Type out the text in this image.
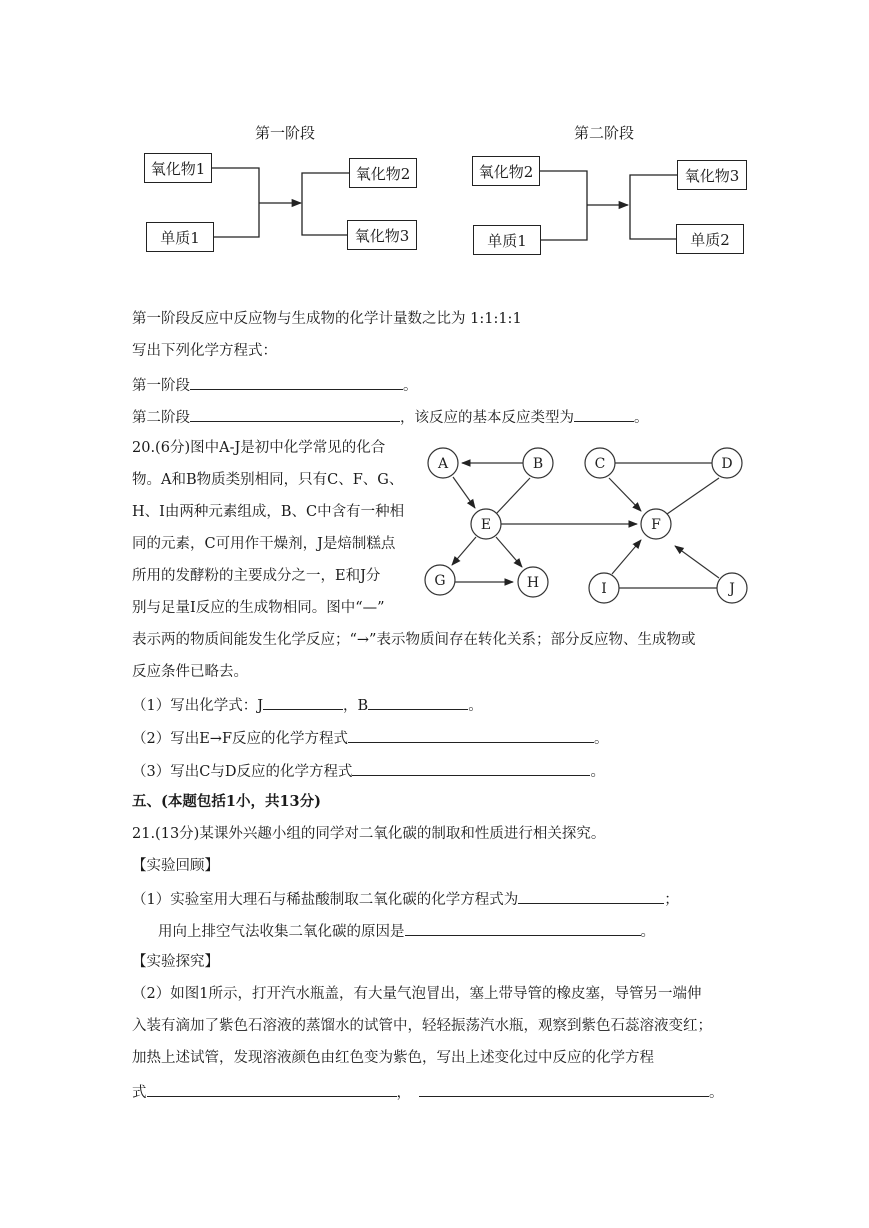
第一阶段	第二阶段
氧化物1
单质1
氧化物2
氧化物3
氧化物2
单质1
氧化物3
单质2
A	B	C	D
E	F
G	H	I	J
第一阶段反应中反应物与生成物的化学计量数之比为 1:1:1:1
写出下列化学方程式：
第一阶段	。
第二阶段	，该反应的基本反应类型为	。
20.(6分)图中A-J是初中化学常见的化合
物。A和B物质类别相同，只有C、F、G、
H、I由两种元素组成，B、C中含有一种相
同的元素，C可用作干燥剂，J是焙制糕点
所用的发酵粉的主要成分之一，E和J分
别与足量I反应的生成物相同。图中“—”
表示两的物质间能发生化学反应；“→”表示物质间存在转化关系；部分反应物、生成物或
反应条件已略去。
（1）写出化学式：J	，B	。
（2）写出E→F反应的化学方程式	。
（3）写出C与D反应的化学方程式	。
五、(本题包括1小，共13分)
21.(13分)某课外兴趣小组的同学对二氧化碳的制取和性质进行相关探究。
【实验回顾】
（1）实验室用大理石与稀盐酸制取二氧化碳的化学方程式为	；
用向上排空气法收集二氧化碳的原因是	。
【实验探究】
（2）如图1所示，打开汽水瓶盖，有大量气泡冒出，塞上带导管的橡皮塞，导管另一端伸
入装有滴加了紫色石溶液的蒸馏水的试管中，轻轻振荡汽水瓶，观察到紫色石蕊溶液变红；
加热上述试管，发现溶液颜色由红色变为紫色，写出上述变化过中反应的化学方程
式	，	。
